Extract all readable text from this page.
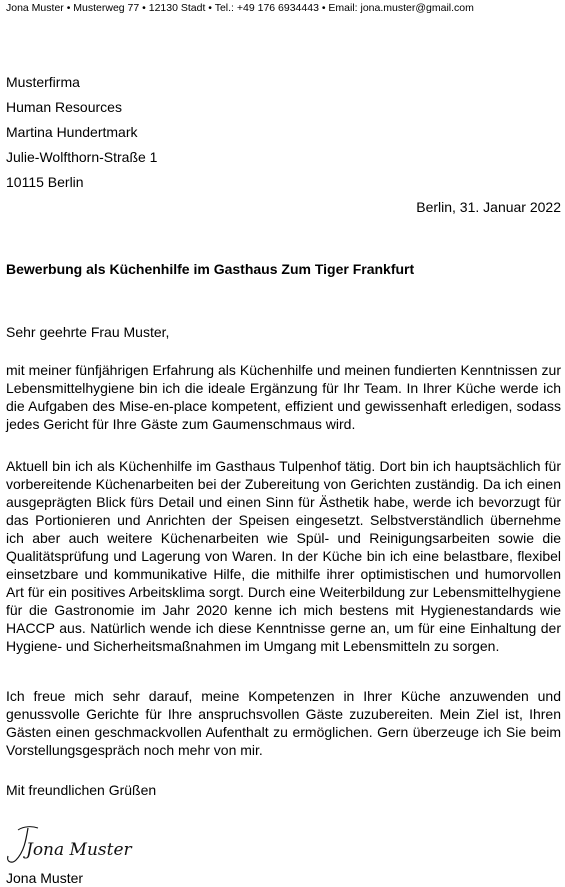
Jona Muster • Musterweg 77 • 12130 Stadt • Tel.: +49 176 6934443 • Email: jona.muster@gmail.com
Musterfirma
Human Resources
Martina Hundertmark
Julie-Wolfthorn-Straße 1
10115 Berlin
Berlin, 31. Januar 2022
Bewerbung als Küchenhilfe im Gasthaus Zum Tiger Frankfurt
Sehr geehrte Frau Muster,
mit meiner fünfjährigen Erfahrung als Küchenhilfe und meinen fundierten Kenntnissen zur Lebensmittelhygiene bin ich die ideale Ergänzung für Ihr Team. In Ihrer Küche werde ich die Aufgaben des Mise-en-place kompetent, effizient und gewissenhaft erledigen, sodass jedes Gericht für Ihre Gäste zum Gaumenschmaus wird.
Aktuell bin ich als Küchenhilfe im Gasthaus Tulpenhof tätig. Dort bin ich hauptsächlich für vorbereitende Küchenarbeiten bei der Zubereitung von Gerichten zuständig. Da ich einen ausgeprägten Blick fürs Detail und einen Sinn für Ästhetik habe, werde ich bevorzugt für das Portionieren und Anrichten der Speisen eingesetzt. Selbstverständlich übernehme ich aber auch weitere Küchenarbeiten wie Spül- und Reinigungsarbeiten sowie die Qualitätsprüfung und Lagerung von Waren. In der Küche bin ich eine belastbare, flexibel einsetzbare und kommunikative Hilfe, die mithilfe ihrer optimistischen und humorvollen Art für ein positives Arbeitsklima sorgt. Durch eine Weiterbildung zur Lebensmittelhygiene für die Gastronomie im Jahr 2020 kenne ich mich bestens mit Hygienestandards wie HACCP aus. Natürlich wende ich diese Kenntnisse gerne an, um für eine Einhaltung der Hygiene- und Sicherheitsmaßnahmen im Umgang mit Lebensmitteln zu sorgen.
Ich freue mich sehr darauf, meine Kompetenzen in Ihrer Küche anzuwenden und genussvolle Gerichte für Ihre anspruchsvollen Gäste zuzubereiten. Mein Ziel ist, Ihren Gästen einen geschmackvollen Aufenthalt zu ermöglichen. Gern überzeuge ich Sie beim Vorstellungsgespräch noch mehr von mir.
Mit freundlichen Grüßen
Jona Muster
Jona Muster
